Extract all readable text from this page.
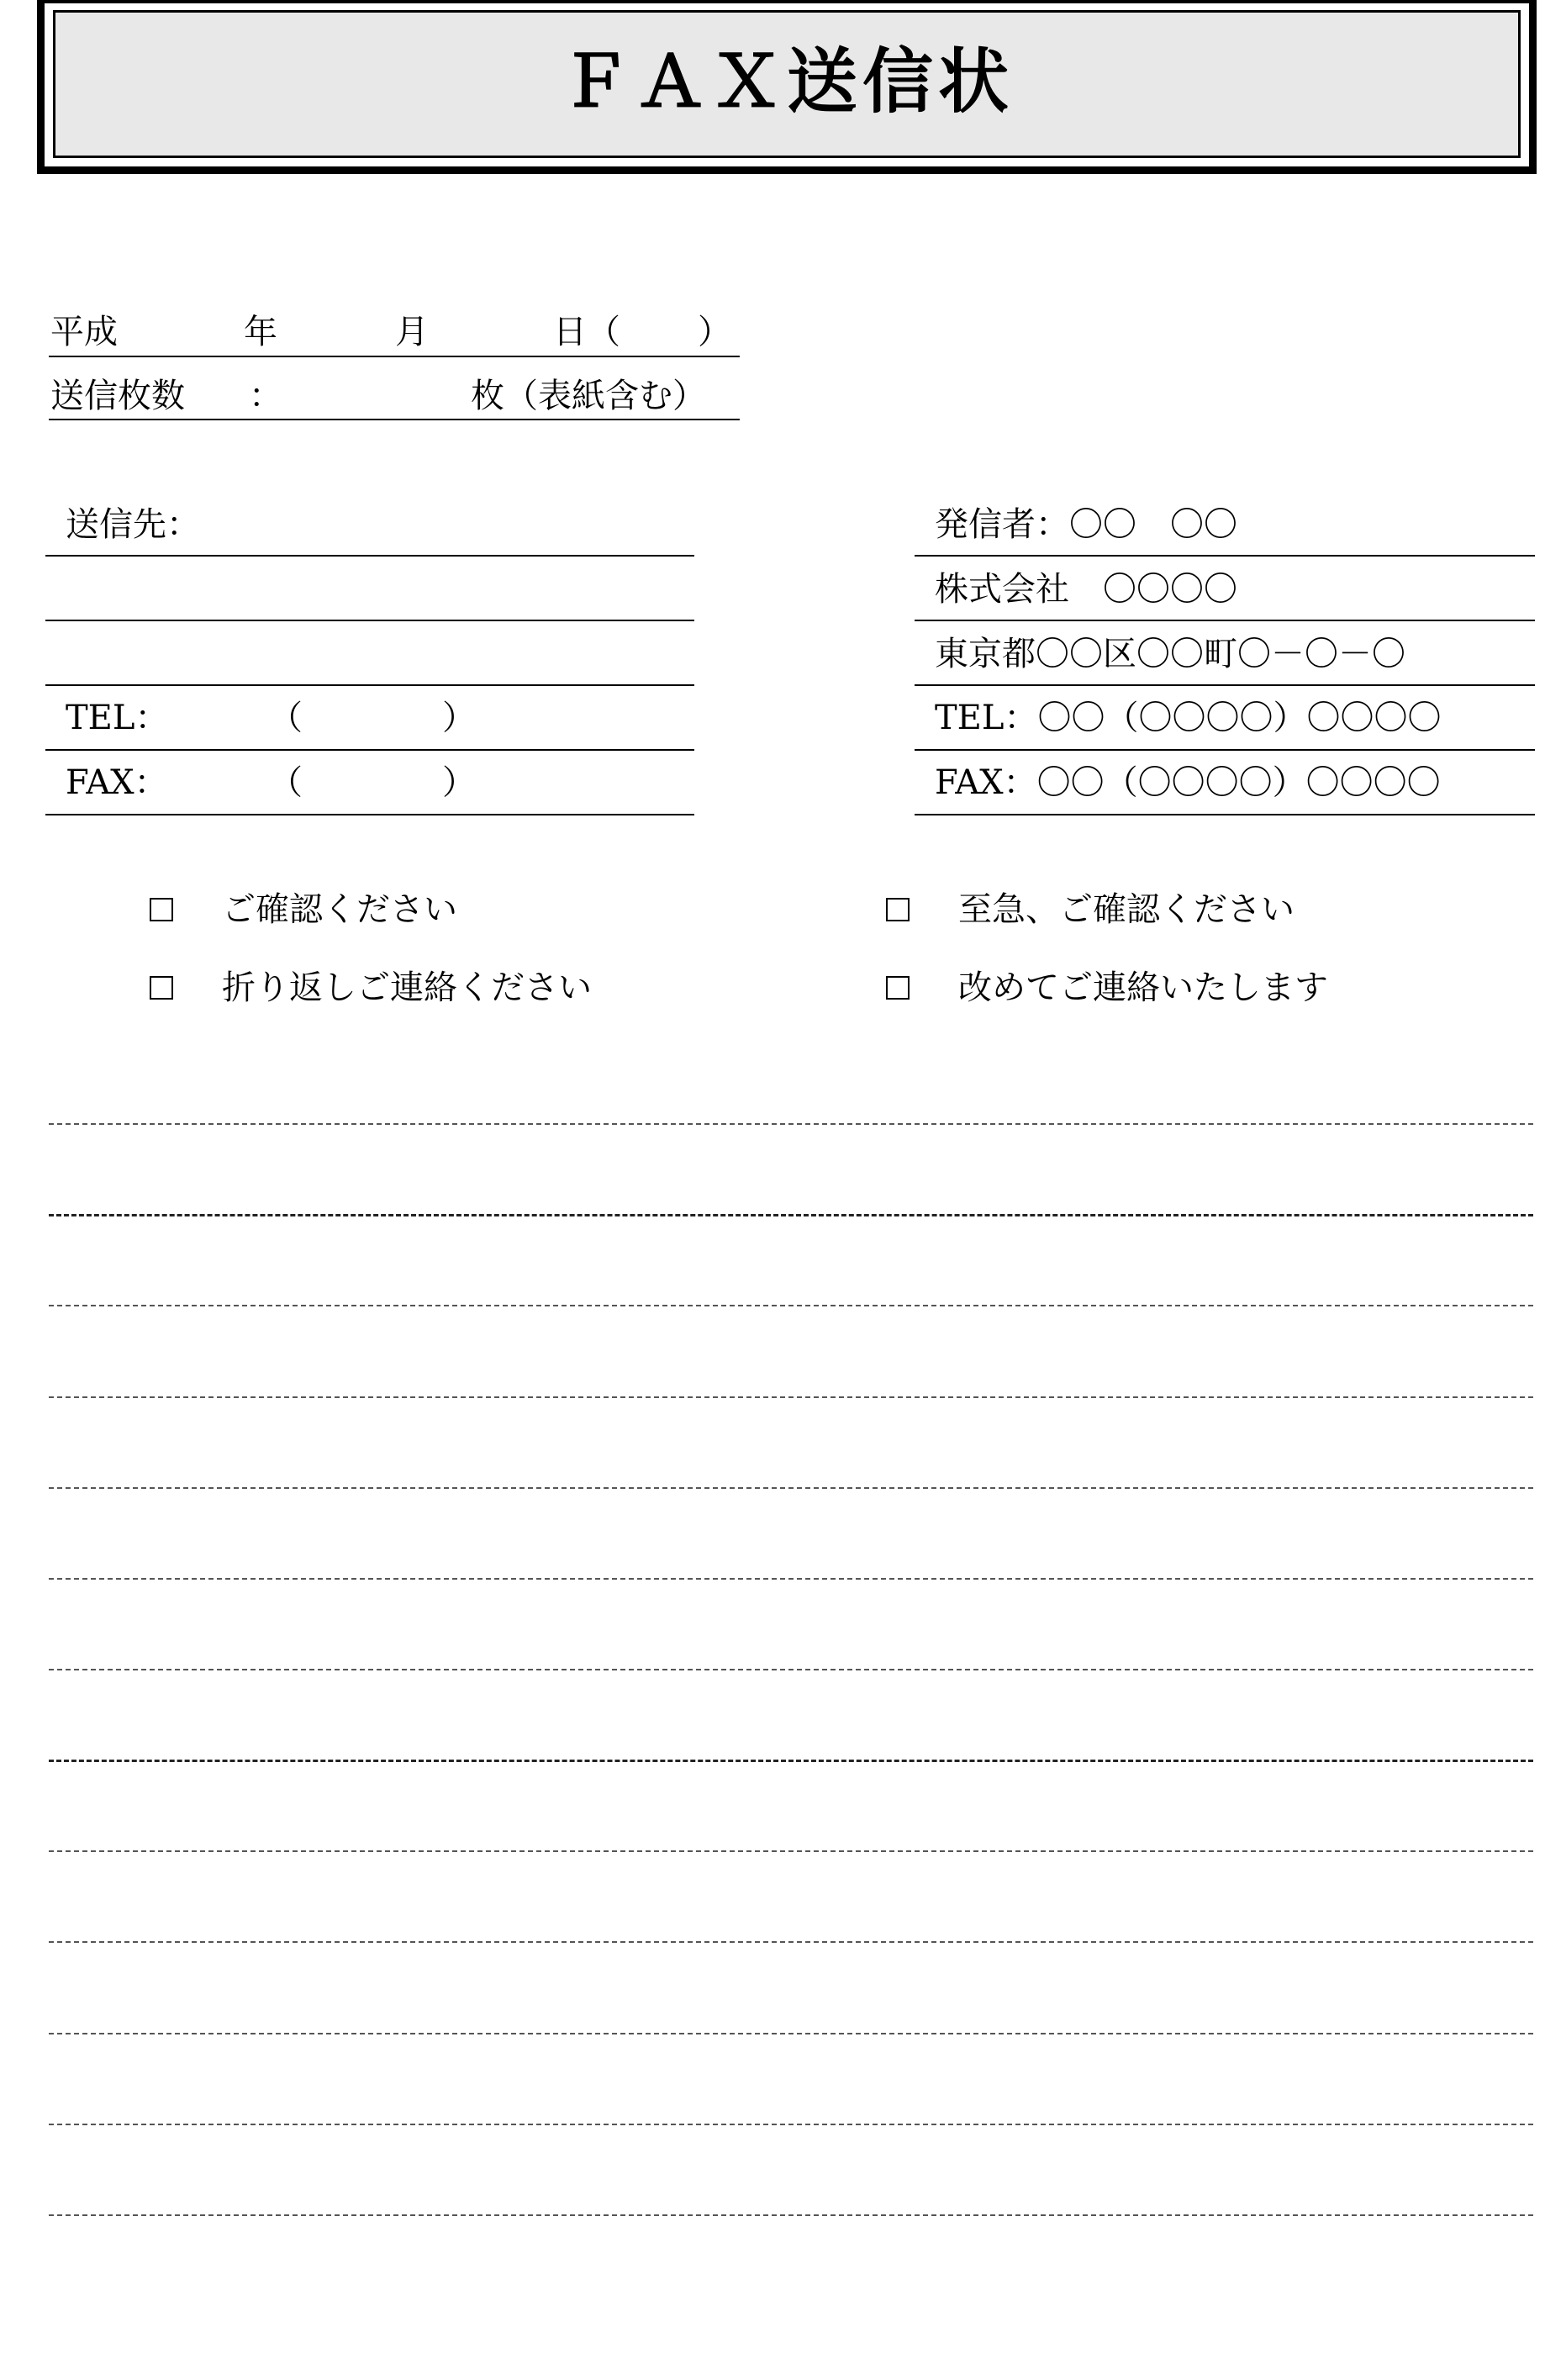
ＦＡＸ送信状
平成	年	月	日（ ）
送信枚数 ：	枚（表紙含む）
送信先：
TEL：	（	）
FAX：	（	）
発信者：〇〇　〇〇
株式会社　〇〇〇〇
東京都〇〇区〇〇町〇－〇－〇
TEL：〇〇（〇〇〇〇）〇〇〇〇
FAX：〇〇（〇〇〇〇）〇〇〇〇
ご確認ください	至急、ご確認ください
折り返しご連絡ください	改めてご連絡いたします
